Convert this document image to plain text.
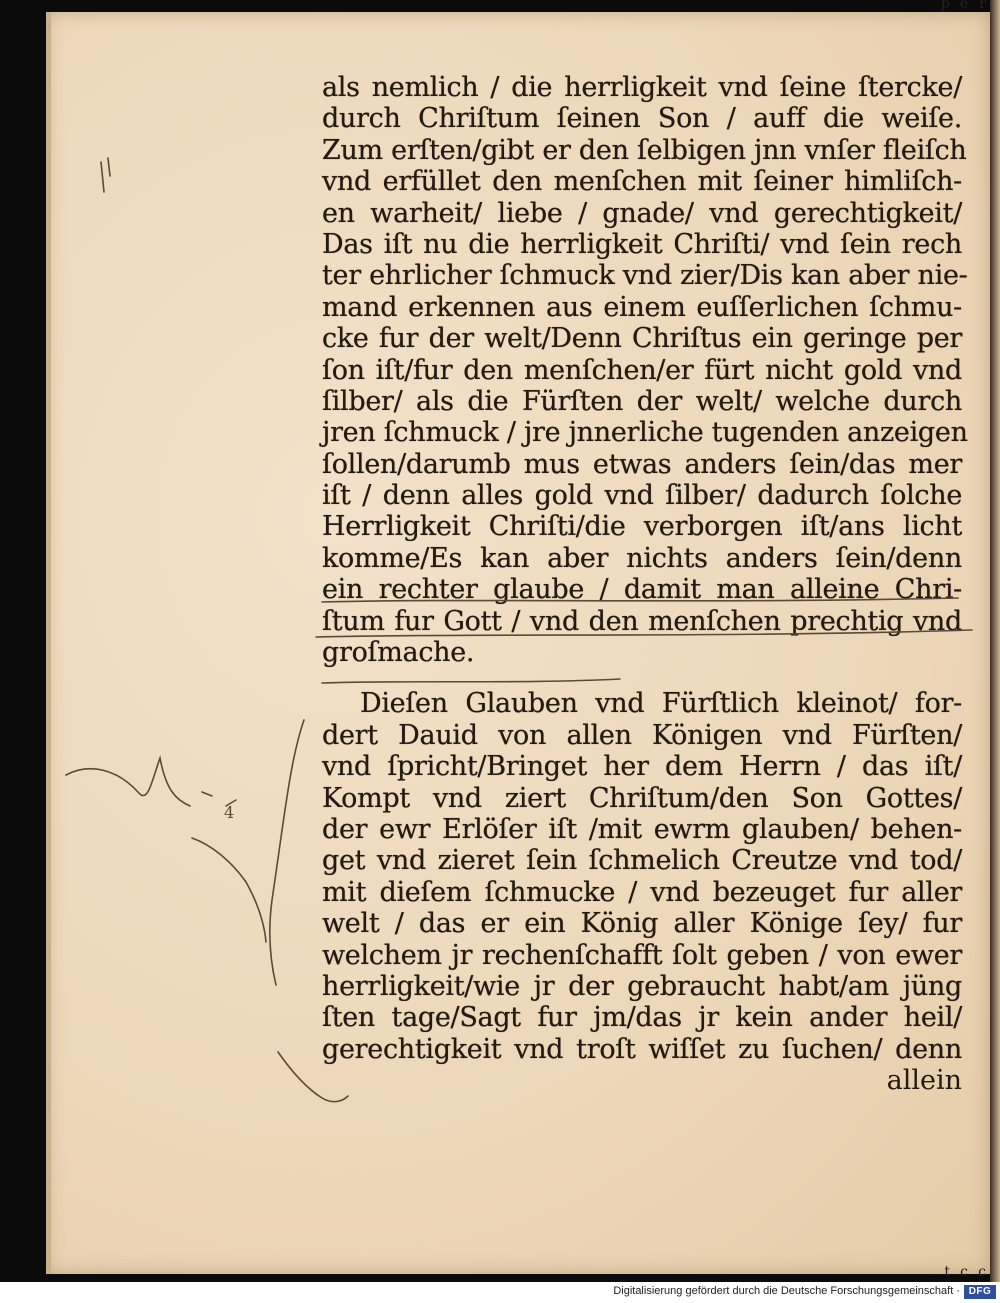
p e r
t c c
als nemlich / die herrligkeit vnd ſeine ſtercke/
durch Chriſtum ſeinen Son / auff die weiſe.
Zum erſten/gibt er den ſelbigen jnn vnſer fleiſch
vnd erfüllet den menſchen mit ſeiner himliſch-
en warheit/ liebe / gnade/ vnd gerechtigkeit/
Das iſt nu die herrligkeit Chriſti/ vnd ſein rech
ter ehrlicher ſchmuck vnd zier/Dis kan aber nie-
mand erkennen aus einem euſſerlichen ſchmu-
cke fur der welt/Denn Chriſtus ein geringe per
ſon iſt/fur den menſchen/er fürt nicht gold vnd
ſilber/ als die Fürſten der welt/ welche durch
jren ſchmuck / jre jnnerliche tugenden anzeigen
ſollen/darumb mus etwas anders ſein/das mer
iſt / denn alles gold vnd ſilber/ dadurch ſolche
Herrligkeit Chriſti/die verborgen iſt/ans licht
komme/Es kan aber nichts anders ſein/denn
ein rechter glaube / damit man alleine Chri-
ſtum fur Gott / vnd den menſchen prechtig vnd
groſmache.
Dieſen Glauben vnd Fürſtlich kleinot/ for-
dert Dauid von allen Königen vnd Fürſten/
vnd ſpricht/Bringet her dem Herrn / das iſt/
Kompt vnd ziert Chriſtum/den Son Gottes/
der ewr Erlöſer iſt /mit ewrm glauben/ behen-
get vnd zieret ſein ſchmelich Creutze vnd tod/
mit dieſem ſchmucke / vnd bezeuget fur aller
welt / das er ein König aller Könige ſey/ fur
welchem jr rechenſchafft ſolt geben / von ewer
herrligkeit/wie jr der gebraucht habt/am jüng
ſten tage/Sagt fur jm/das jr kein ander heil/
gerechtigkeit vnd troſt wiſſet zu ſuchen/ denn
allein
4
Digitalisierung gefördert durch die Deutsche Forschungsgemeinschaft · DFG
